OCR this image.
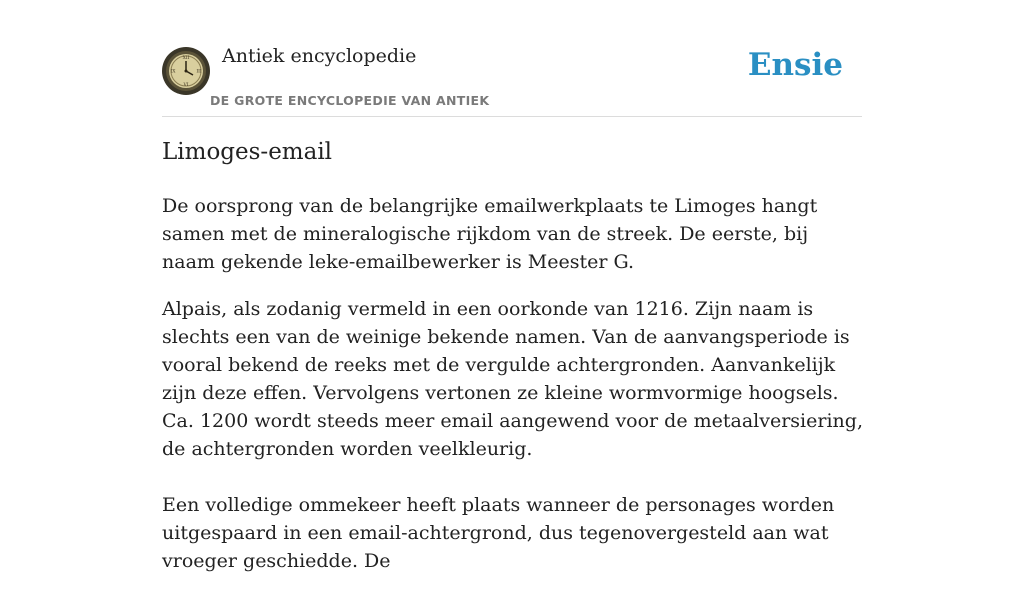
XII
III
VI
IX
Antiek encyclopedie
DE GROTE ENCYCLOPEDIE VAN ANTIEK
Ensie
Limoges-email

De oorsprong van de belangrijke emailwerkplaats te Limoges hangt samen met de mineralogische rijkdom van de streek. De eerste, bij naam gekende leke-emailbewerker is Meester G.

Alpais, als zodanig vermeld in een oorkonde van 1216. Zijn naam is slechts een van de weinige bekende namen. Van de aanvangsperiode is vooral bekend de reeks met de vergulde achtergronden. Aanvankelijk zijn deze effen. Vervolgens vertonen ze kleine wormvormige hoogsels. Ca. 1200 wordt steeds meer email aangewend voor de metaalversiering, de achtergronden worden veelkleurig.

Een volledige ommekeer heeft plaats wanneer de personages worden uitgespaard in een email-achtergrond, dus tegenovergesteld aan wat vroeger geschiedde. De
